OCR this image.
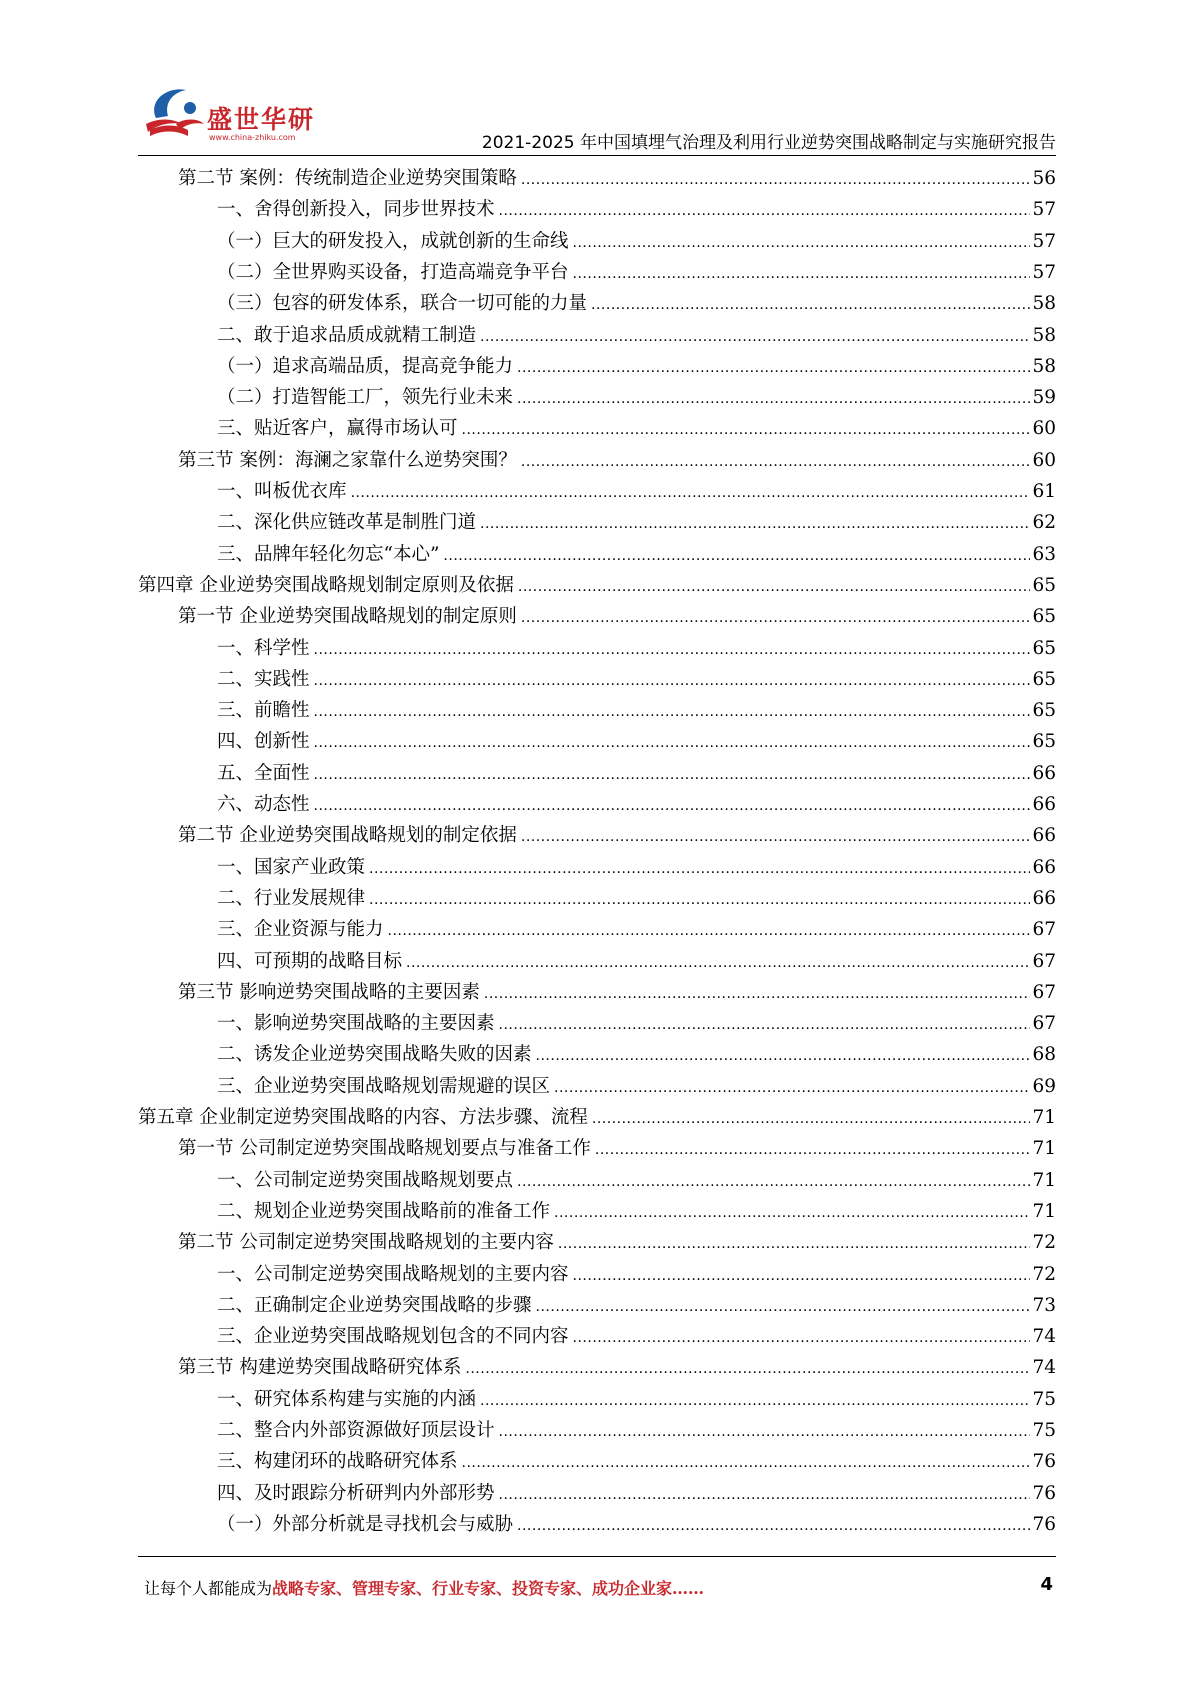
盛世华研
www.china-zhiku.com	2021-2025 年中国填埋气治理及利用行业逆势突围战略制定与实施研究报告
第二节 案例：传统制造企业逆势突围策略 .....	56
一、舍得创新投入，同步世界技术 .....	57
（一）巨大的研发投入，成就创新的生命线 .....	57
（二）全世界购买设备，打造高端竞争平台 .....	57
（三）包容的研发体系，联合一切可能的力量 .....	58
二、敢于追求品质成就精工制造 .....	58
（一）追求高端品质，提高竞争能力 .....	58
（二）打造智能工厂，领先行业未来 .....	59
三、贴近客户，赢得市场认可 .....	60
第三节 案例：海澜之家靠什么逆势突围？ .....	60
一、叫板优衣库 .....	61
二、深化供应链改革是制胜门道 .....	62
三、品牌年轻化勿忘“本心” .....	63
第四章 企业逆势突围战略规划制定原则及依据 .....	65
第一节 企业逆势突围战略规划的制定原则 .....	65
一、科学性 .....	65
二、实践性 .....	65
三、前瞻性 .....	65
四、创新性 .....	65
五、全面性 .....	66
六、动态性 .....	66
第二节 企业逆势突围战略规划的制定依据 .....	66
一、国家产业政策 .....	66
二、行业发展规律 .....	66
三、企业资源与能力 .....	67
四、可预期的战略目标 .....	67
第三节 影响逆势突围战略的主要因素 .....	67
一、影响逆势突围战略的主要因素 .....	67
二、诱发企业逆势突围战略失败的因素 .....	68
三、企业逆势突围战略规划需规避的误区 .....	69
第五章 企业制定逆势突围战略的内容、方法步骤、流程 .....	71
第一节 公司制定逆势突围战略规划要点与准备工作 .....	71
一、公司制定逆势突围战略规划要点 .....	71
二、规划企业逆势突围战略前的准备工作 .....	71
第二节 公司制定逆势突围战略规划的主要内容 .....	72
一、公司制定逆势突围战略规划的主要内容 .....	72
二、正确制定企业逆势突围战略的步骤 .....	73
三、企业逆势突围战略规划包含的不同内容 .....	74
第三节 构建逆势突围战略研究体系 .....	74
一、研究体系构建与实施的内涵 .....	75
二、整合内外部资源做好顶层设计 .....	75
三、构建闭环的战略研究体系 .....	76
四、及时跟踪分析研判内外部形势 .....	76
（一）外部分析就是寻找机会与威胁 .....	76
让每个人都能成为战略专家、管理专家、行业专家、投资专家、成功企业家……	4
